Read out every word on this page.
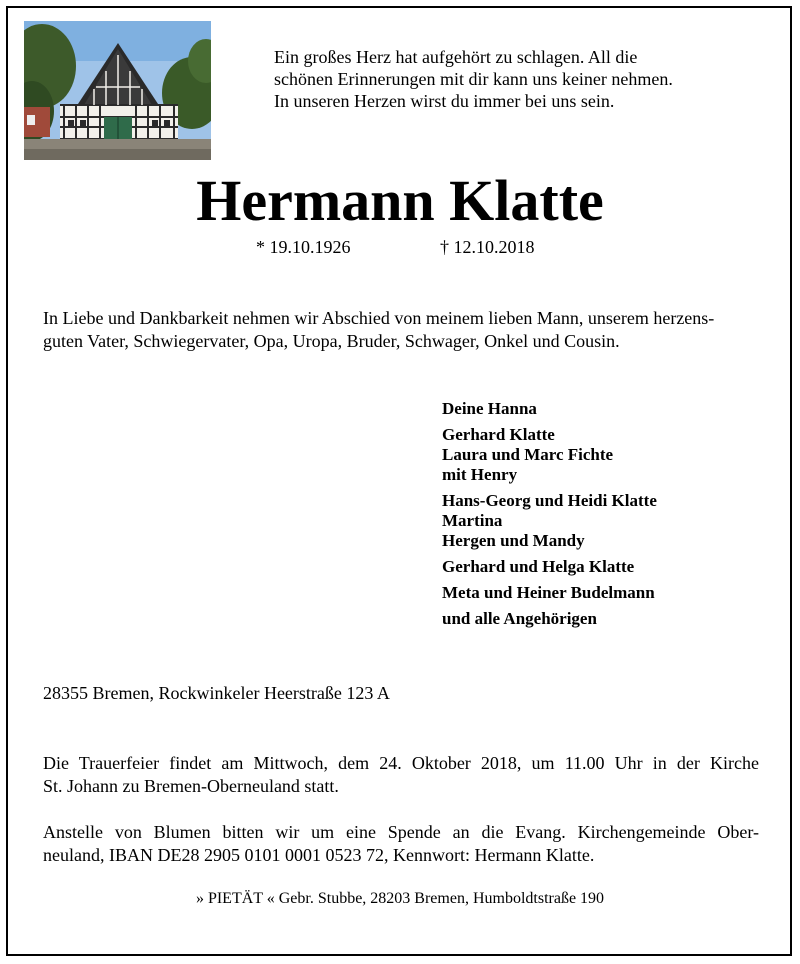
Ein großes Herz hat aufgehört zu schlagen. All die
schönen Erinnerungen mit dir kann uns keiner nehmen.
In unseren Herzen wirst du immer bei uns sein.
Hermann Klatte
* 19.10.1926	† 12.10.2018
In Liebe und Dankbarkeit nehmen wir Abschied von meinem lieben Mann, unserem herzens-
guten Vater, Schwiegervater, Opa, Uropa, Bruder, Schwager, Onkel und Cousin.
Deine Hanna
Gerhard Klatte
Laura und Marc Fichte
mit Henry
Hans-Georg und Heidi Klatte
Martina
Hergen und Mandy
Gerhard und Helga Klatte
Meta und Heiner Budelmann
und alle Angehörigen
28355 Bremen, Rockwinkeler Heerstraße 123 A
Die Trauerfeier findet am Mittwoch, dem 24. Oktober 2018, um 11.00 Uhr in der Kirche
St. Johann zu Bremen-Oberneuland statt.
Anstelle von Blumen bitten wir um eine Spende an die Evang. Kirchengemeinde Ober-
neuland, IBAN DE28 2905 0101 0001 0523 72, Kennwort: Hermann Klatte.
» PIETÄT « Gebr. Stubbe, 28203 Bremen, Humboldtstraße 190
